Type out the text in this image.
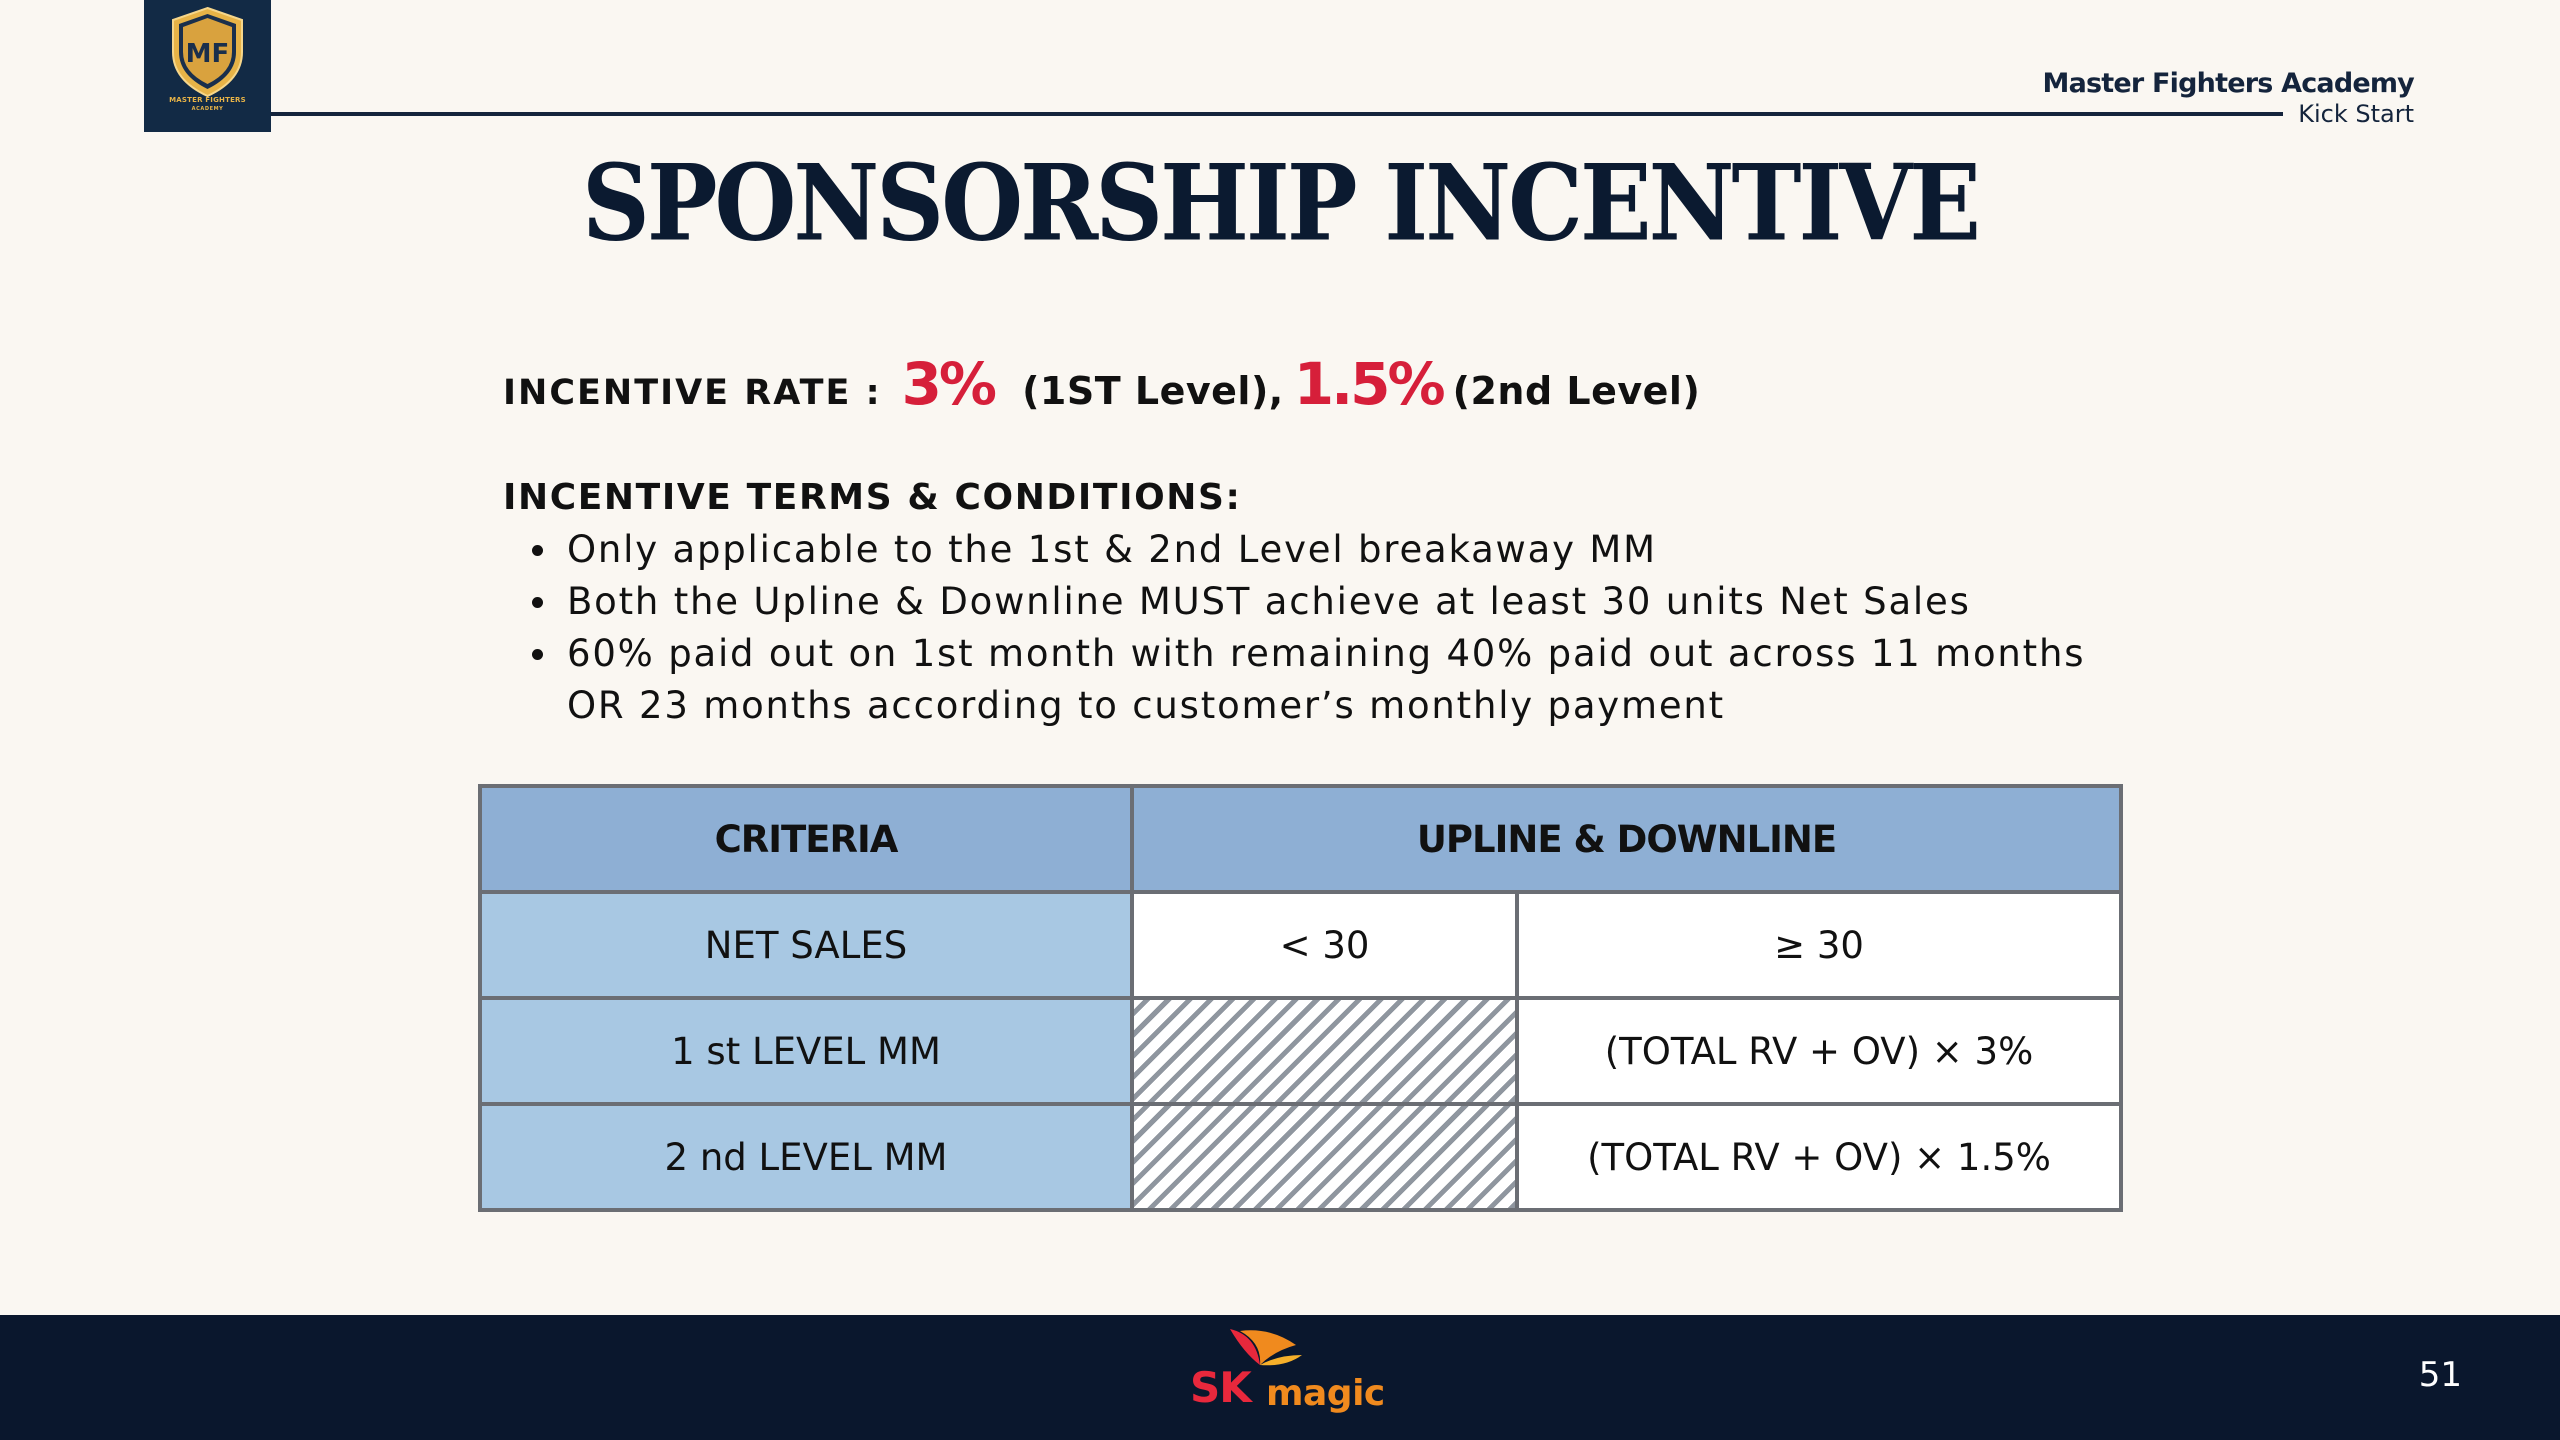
MF
MASTER FIGHTERS
ACADEMY
Master Fighters Academy
Kick Start
SPONSORSHIP INCENTIVE
INCENTIVE RATE : 3% (1ST Level), 1.5% (2nd Level)
INCENTIVE TERMS & CONDITIONS:
Only applicable to the 1st & 2nd Level breakaway MM
Both the Upline & Downline MUST achieve at least 30 units Net Sales
60% paid out on 1st month with remaining 40% paid out across 11 months
OR 23 months according to customer’s monthly payment
CRITERIA	UPLINE & DOWNLINE	
NET SALES	< 30	≥ 30
1 st LEVEL MM		(TOTAL RV + OV) × 3%
2 nd LEVEL MM		(TOTAL RV + OV) × 1.5%
SK magic	51
